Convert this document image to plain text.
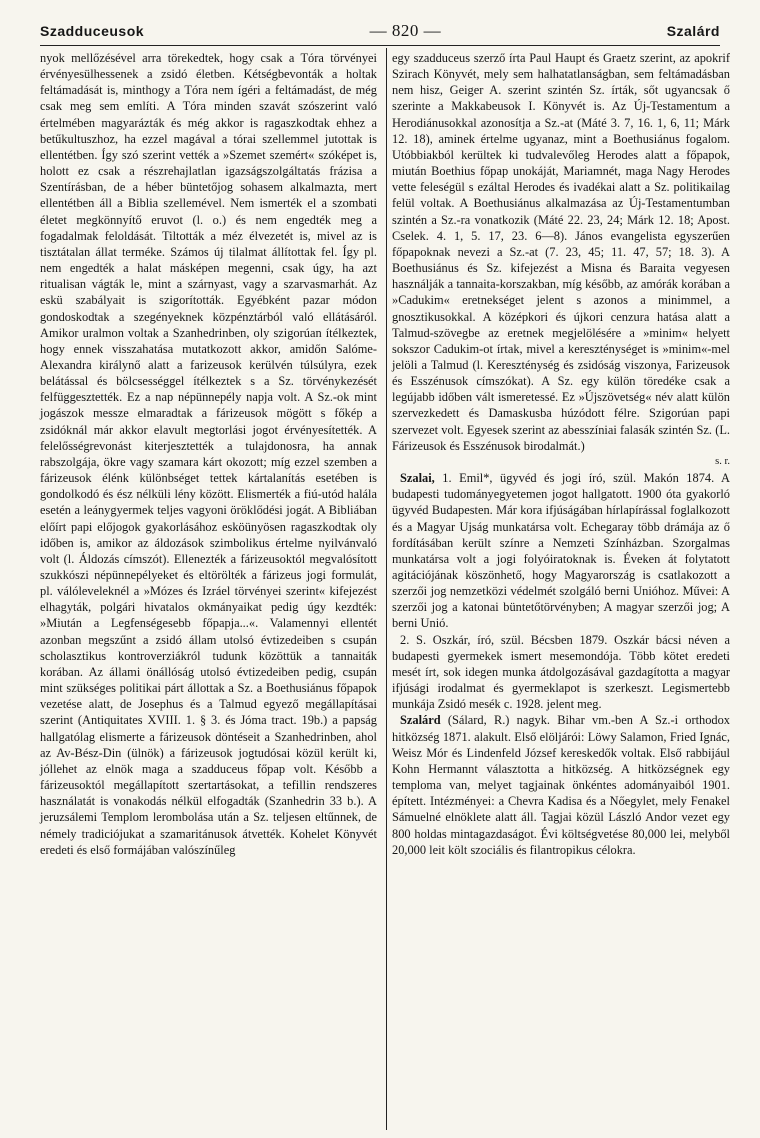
Szadduceusok	— 820 —	Szalárd

nyok mellőzésével arra törekedtek, hogy csak a Tóra törvényei érvényesülhessenek a zsidó életben. Kétségbevonták a holtak feltámadását is, minthogy a Tóra nem ígéri a feltámadást, de még csak meg sem említi. A Tóra minden szavát szószerint való értelmében magyarázták és még akkor is ragaszkodtak ehhez a betűkultuszhoz, ha ezzel magával a tórai szellemmel jutottak is ellentétben. Így szó szerint vették a »Szemet szemért« szóképet is, holott ez csak a részrehajlatlan igazságszolgáltatás frázisa a Szentírásban, de a héber büntetőjog sohasem alkalmazta, mert ellentétben áll a Biblia szellemével. Nem ismerték el a szombati életet megkönnyítő eruvot (l. o.) és nem engedték meg a fogadalmak feloldását. Tiltották a méz élvezetét is, mivel az is tisztátalan állat terméke. Számos új tilalmat állítottak fel. Így pl. nem engedték a halat másképen megenni, csak úgy, ha azt ritualisan vágták le, mint a szárnyast, vagy a szarvasmarhát. Az eskü szabályait is szigorították. Egyébként pazar módon gondoskodtak a szegényeknek közpénztárból való ellátásáról. Amikor uralmon voltak a Szanhedrinben, oly szigorúan ítélkeztek, hogy ennek visszahatása mutatkozott akkor, amidőn Salóme-Alexandra királynő alatt a farizeusok kerülvén túlsúlyra, ezek belátással és bölcsességgel ítélkeztek s a Sz. törvénykezését felfüggesztették. Ez a nap népünnepély napja volt. A Sz.-ok mint jogászok messze elmaradtak a fárizeusok mögött s főkép a zsidóknál már akkor elavult megtorlási jogot érvényesítették. A felelősségrevonást kiterjesztették a tulajdonosra, ha annak rabszolgája, ökre vagy szamara kárt okozott; míg ezzel szemben a fárizeusok élénk különbséget tettek kártalanítás esetében is gondolkodó és ész nélküli lény között. Elismerték a fiú-utód halála esetén a leánygyermek teljes vagyoni öröklődési jogát. A Bibliában előírt papi előjogok gyakorlásához esköünyösen ragaszkodtak oly időben is, amikor az áldozások szimbolikus értelme nyilvánvaló volt (l. Áldozás címszót). Ellenezték a fárizeusoktól megvalósított szukkószi népünnepélyeket és eltörölték a fárizeus jogi formulát, pl. válóleveleknél a »Mózes és Izráel törvényei szerint« kifejezést elhagyták, polgári hivatalos okmányaikat pedig úgy kezdték: »Miután a Legfenségesebb főpapja...«. Valamennyi ellentét azonban megszűnt a zsidó állam utolsó évtizedeiben s csupán scholasztikus kontroverziákról tudunk közöttük a tannaiták korában. Az állami önállóság utolsó évtizedeiben pedig, csupán mint szükséges politikai párt állottak a Sz. a Boethusiánus főpapok vezetése alatt, de Josephus és a Talmud egyező megállapításai szerint (Antiquitates XVIII. 1. § 3. és Jóma tract. 19b.) a papság hallgatólag elismerte a fárizeusok döntéseit a Szanhedrinben, ahol az Av-Bész-Din (ülnök) a fárizeusok jogtudósai közül került ki, jóllehet az elnök maga a szadduceus főpap volt. Később a fárizeusoktól megállapított szertartásokat, a tefillin rendszeres használatát is vonakodás nélkül elfogadták (Szanhedrin 33 b.). A jeruzsálemi Templom lerombolása után a Sz. teljesen eltűnnek, de némely tradiciójukat a szamaritánusok átvették. Kohelet Könyvét eredeti és első formájában valószínűleg

egy szadduceus szerző írta Paul Haupt és Graetz szerint, az apokrif Szirach Könyvét, mely sem halhatatlanságban, sem feltámadásban nem hisz, Geiger A. szerint szintén Sz. írták, sőt ugyancsak ő szerinte a Makkabeusok I. Könyvét is. Az Új-Testamentum a Herodiánusokkal azonosítja a Sz.-at (Máté 3. 7, 16. 1, 6, 11; Márk 12. 18), aminek értelme ugyanaz, mint a Boethusiánus fogalom. Utóbbiakból kerültek ki tudvalevőleg Herodes alatt a főpapok, miután Boethius főpap unokáját, Mariamnét, maga Nagy Herodes vette feleségül s ezáltal Herodes és ivadékai alatt a Sz. politikailag felül voltak. A Boethusiánus alkalmazása az Új-Testamentumban szintén a Sz.-ra vonatkozik (Máté 22. 23, 24; Márk 12. 18; Apost. Cselek. 4. 1, 5. 17, 23. 6—8). János evangelista egyszerűen főpapoknak nevezi a Sz.-at (7. 23, 45; 11. 47, 57; 18. 3). A Boethusiánus és Sz. kifejezést a Misna és Baraita vegyesen használják a tannaita-korszakban, míg később, az amórák korában a »Cadukim« eretnekséget jelent s azonos a minimmel, a gnosztikusokkal. A középkori és újkori cenzura hatása alatt a Talmud-szövegbe az eretnek megjelölésére a »minim« helyett sokszor Cadukim-ot írtak, mivel a kereszténységet is »minim«-mel jelöli a Talmud (l. Kereszténység és zsidóság viszonya, Farizeusok és Esszénusok címszókat). A Sz. egy külön töredéke csak a legújabb időben vált ismeretessé. Ez »Újszövetség« név alatt külön szervezkedett és Damaskusba húzódott félre. Szigorúan papi szervezet volt. Egyesek szerint az abesszíniai falasák szintén Sz. (L. Fárizeusok és Esszénusok birodalmát.)

s. r.

Szalai, 1. Emil*, ügyvéd és jogi író, szül. Makón 1874. A budapesti tudományegyetemen jogot hallgatott. 1900 óta gyakorló ügyvéd Budapesten. Már kora ifjúságában hírlapírással foglalkozott és a Magyar Ujság munkatársa volt. Echegaray több drámája az ő fordításában került színre a Nemzeti Színházban. Szorgalmas munkatársa volt a jogi folyóiratoknak is. Éveken át folytatott agitációjának köszönhető, hogy Magyarország is csatlakozott a szerzői jog nemzetközi védelmét szolgáló berni Unióhoz. Művei: A szerzői jog a katonai büntetőtörvényben; A magyar szerzői jog; A berni Unió.

2. S. Oszkár, író, szül. Bécsben 1879. Oszkár bácsi néven a budapesti gyermekek ismert mesemondója. Több kötet eredeti mesét írt, sok idegen munka átdolgozásával gazdagította a magyar ifjúsági irodalmat és gyermeklapot is szerkeszt. Legismertebb munkája Zsidó mesék c. 1928. jelent meg.

Szalárd (Sálard, R.) nagyk. Bihar vm.-ben A Sz.-i orthodox hitközség 1871. alakult. Első elöljárói: Löwy Salamon, Fried Ignác, Weisz Mór és Lindenfeld József kereskedők voltak. Első rabbijául Kohn Hermannt választotta a hitközség. A hitközségnek egy temploma van, melyet tagjainak önkéntes adományaiból 1901. épített. Intézményei: a Chevra Kadisa és a Nőegylet, mely Fenakel Sámuelné elnöklete alatt áll. Tagjai közül László Andor vezet egy 800 holdas mintagazdaságot. Évi költségvetése 80,000 lei, melyből 20,000 leit költ szociális és filantropikus célokra.
